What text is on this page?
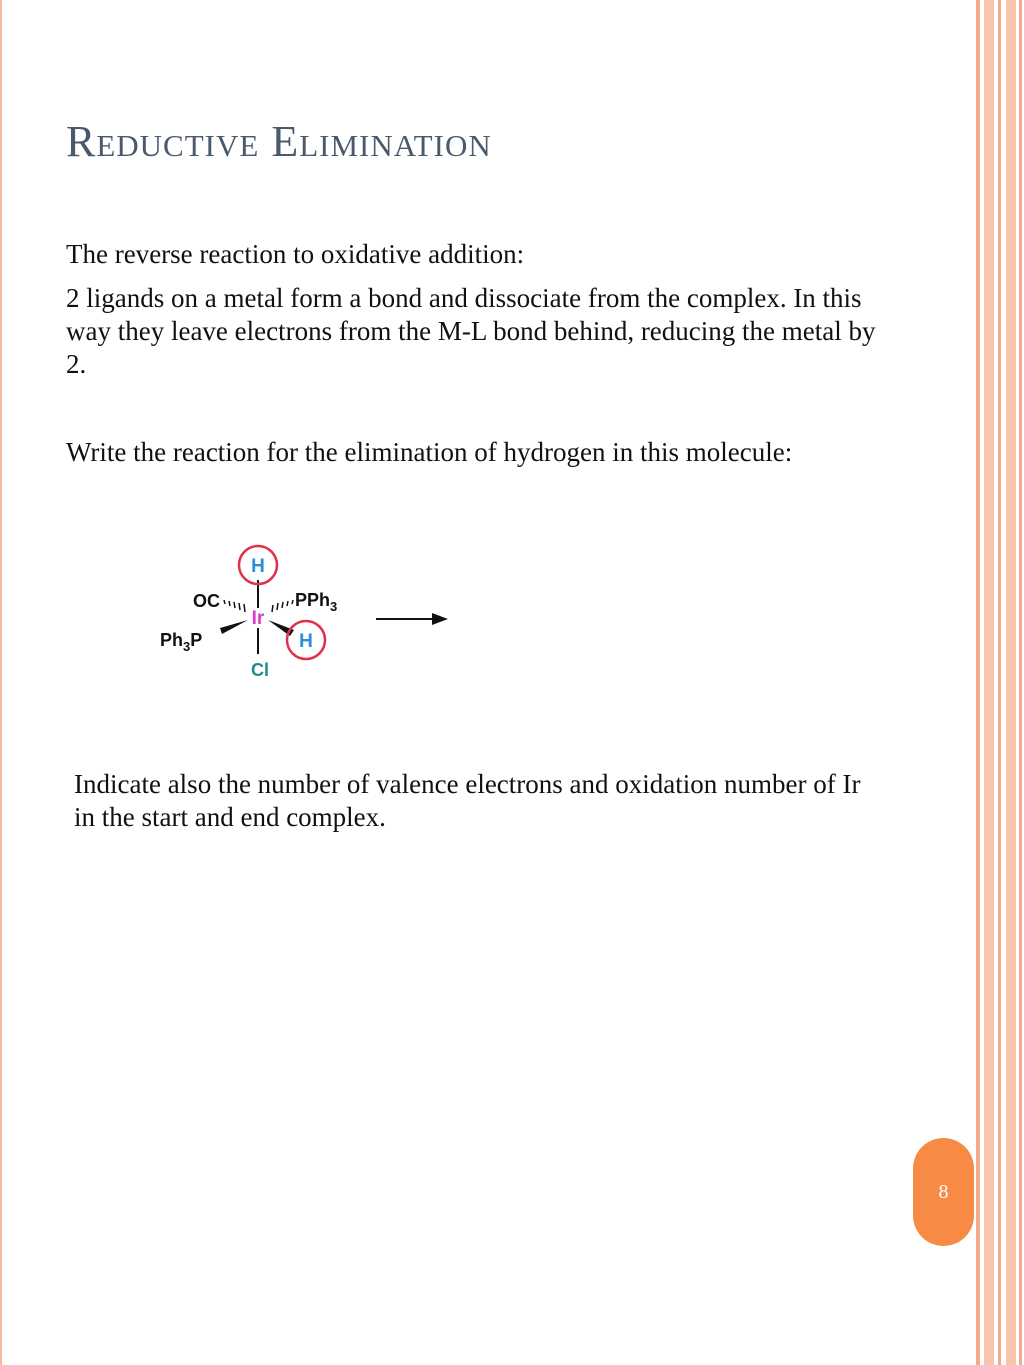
Reductive Elimination
The reverse reaction to oxidative addition:
2 ligands on a metal form a bond and dissociate from the complex. In this way they leave electrons from the M-L bond behind, reducing the metal by 2.
Write the reaction for the elimination of hydrogen in this molecule:
H
Ir
OC	PPh$_3$
$Ph_3P$	H
Cl
Indicate also the number of valence electrons and oxidation number of Ir in the start and end complex.
8
